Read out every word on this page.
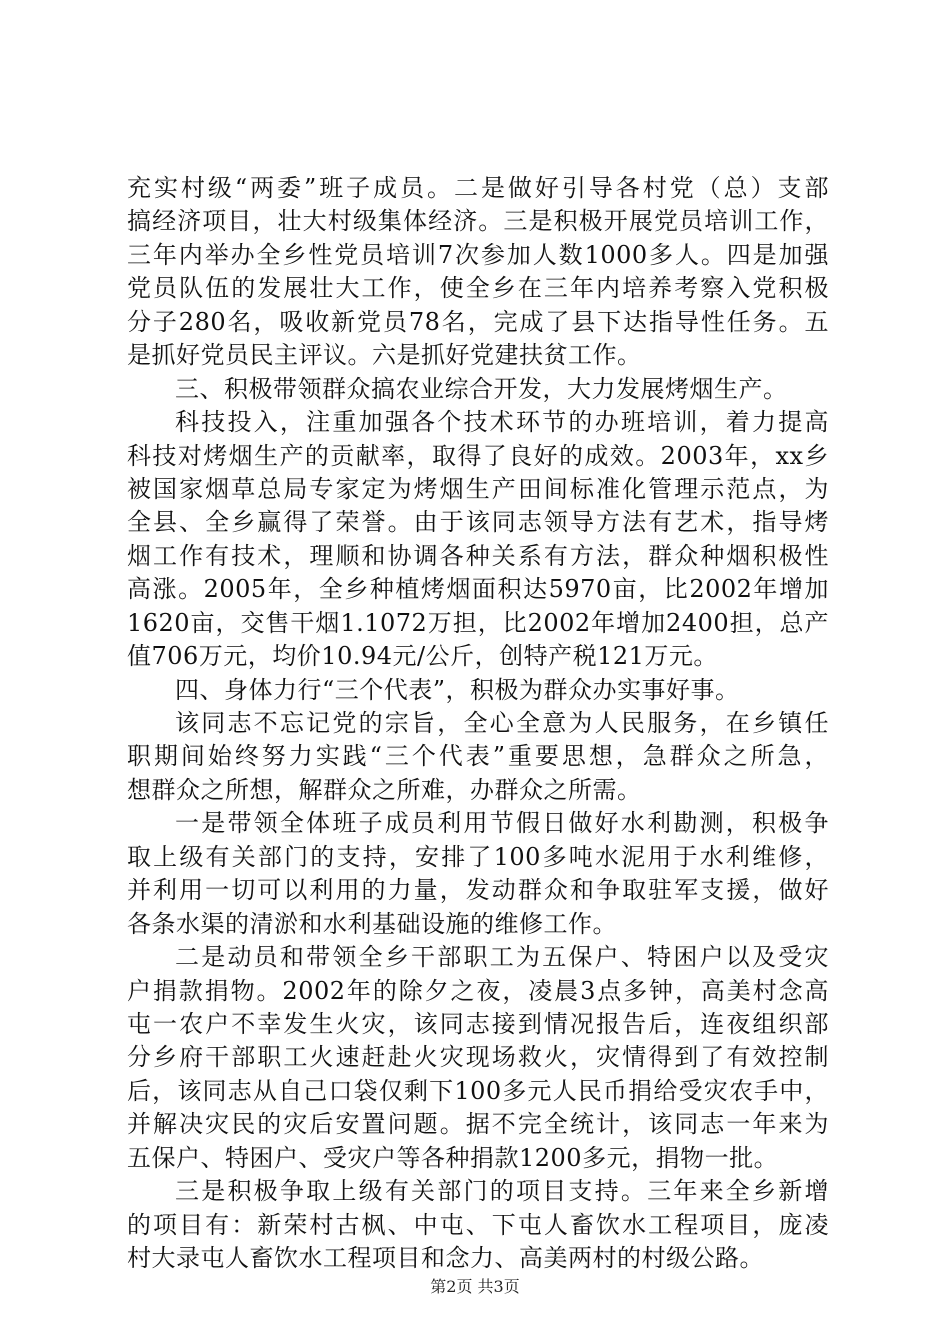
充实村级“两委”班子成员。二是做好引导各村党（总）支部
搞经济项目，壮大村级集体经济。三是积极开展党员培训工作，
三年内举办全乡性党员培训7次参加人数1000多人。四是加强
党员队伍的发展壮大工作，使全乡在三年内培养考察入党积极
分子280名，吸收新党员78名，完成了县下达指导性任务。五
是抓好党员民主评议。六是抓好党建扶贫工作。
三、积极带领群众搞农业综合开发，大力发展烤烟生产。
科技投入，注重加强各个技术环节的办班培训，着力提高
科技对烤烟生产的贡献率，取得了良好的成效。2003年，xx乡
被国家烟草总局专家定为烤烟生产田间标准化管理示范点，为
全县、全乡赢得了荣誉。由于该同志领导方法有艺术，指导烤
烟工作有技术，理顺和协调各种关系有方法，群众种烟积极性
高涨。2005年，全乡种植烤烟面积达5970亩，比2002年增加
1620亩，交售干烟1.1072万担，比2002年增加2400担，总产
值706万元，均价10.94元/公斤，创特产税121万元。
四、身体力行“三个代表”，积极为群众办实事好事。
该同志不忘记党的宗旨，全心全意为人民服务，在乡镇任
职期间始终努力实践“三个代表”重要思想，急群众之所急，
想群众之所想，解群众之所难，办群众之所需。
一是带领全体班子成员利用节假日做好水利勘测，积极争
取上级有关部门的支持，安排了100多吨水泥用于水利维修，
并利用一切可以利用的力量，发动群众和争取驻军支援，做好
各条水渠的清淤和水利基础设施的维修工作。
二是动员和带领全乡干部职工为五保户、特困户以及受灾
户捐款捐物。2002年的除夕之夜，凌晨3点多钟，高美村念高
屯一农户不幸发生火灾，该同志接到情况报告后，连夜组织部
分乡府干部职工火速赶赴火灾现场救火，灾情得到了有效控制
后，该同志从自己口袋仅剩下100多元人民币捐给受灾农手中，
并解决灾民的灾后安置问题。据不完全统计，该同志一年来为
五保户、特困户、受灾户等各种捐款1200多元，捐物一批。
三是积极争取上级有关部门的项目支持。三年来全乡新增
的项目有：新荣村古枫、中屯、下屯人畜饮水工程项目，庞凌
村大录屯人畜饮水工程项目和念力、高美两村的村级公路。
第2页 共3页
